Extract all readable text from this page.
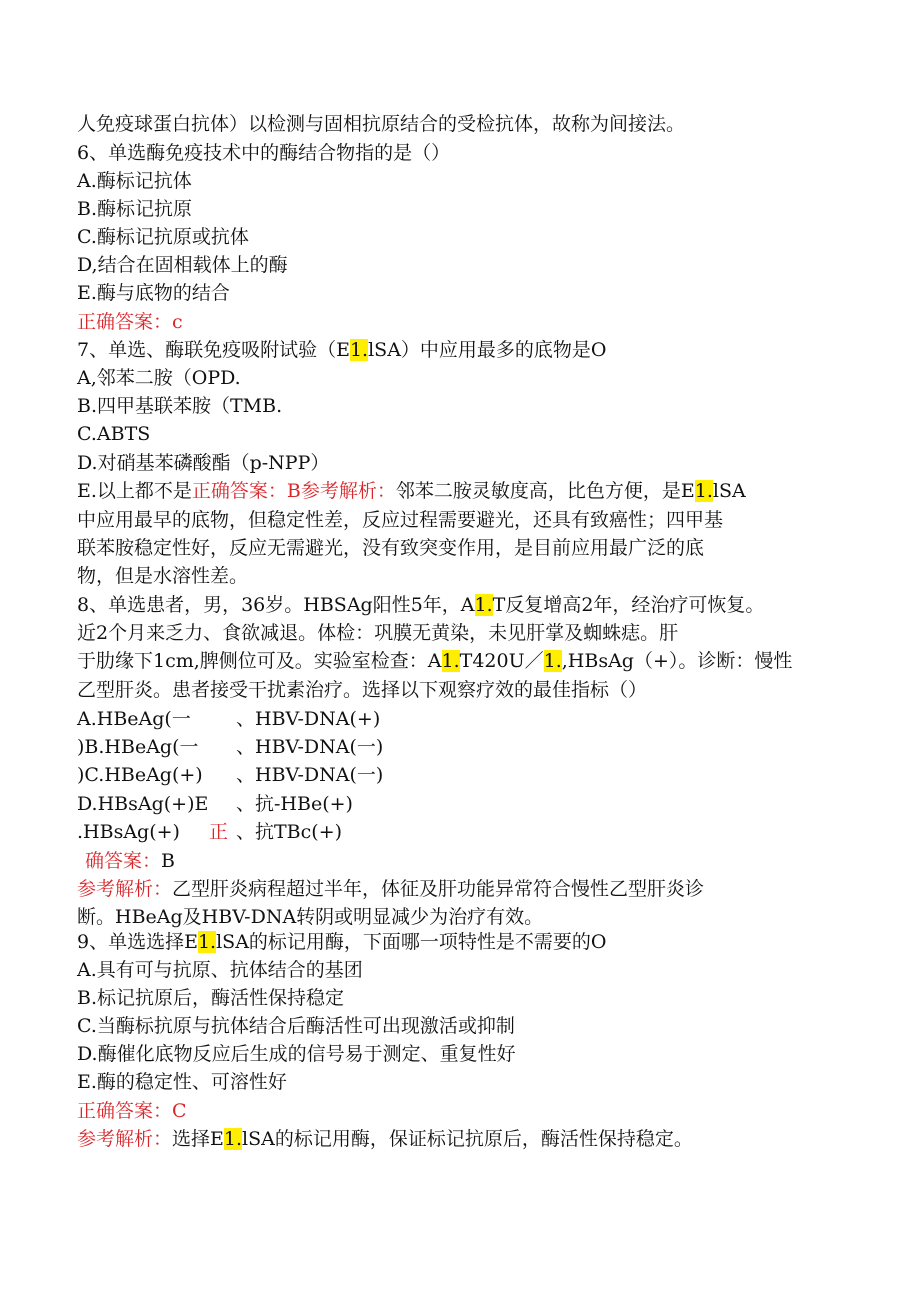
人免疫球蛋白抗体）以检测与固相抗原结合的受检抗体，故称为间接法。
6、单选酶免疫技术中的酶结合物指的是（）
A.酶标记抗体
B.酶标记抗原
C.酶标记抗原或抗体
D,结合在固相载体上的酶
E.酶与底物的结合
正确答案：c
7、单选、酶联免疫吸附试验（E1.lSA）中应用最多的底物是O
A,邻苯二胺（OPD.
B.四甲基联苯胺（TMB.
C.ABTS
D.对硝基苯磷酸酯（p-NPP）
E.以上都不是正确答案：B参考解析：邻苯二胺灵敏度高，比色方便，是E1.lSA
中应用最早的底物，但稳定性差，反应过程需要避光，还具有致癌性；四甲基
联苯胺稳定性好，反应无需避光，没有致突变作用，是目前应用最广泛的底
物，但是水溶性差。
8、单选患者，男，36岁。HBSAg阳性5年，A1.T反复增高2年，经治疗可恢复。
近2个月来乏力、食欲减退。体检：巩膜无黄染，未见肝掌及蜘蛛痣。肝
于肋缘下1cm,脾侧位可及。实验室检查：A1.T420U／1.,HBsAg（+）。诊断：慢性
乙型肝炎。患者接受干扰素治疗。选择以下观察疗效的最佳指标（）
A.HBeAg(一 、HBV-DNA(+)
)B.HBeAg(一 、HBV-DNA(一)
)C.HBeAg(+) 、HBV-DNA(一)
D.HBsAg(+)E 、抗-HBe(+)
.HBsAg(+) 正 、抗TBc(+)
确答案：B
参考解析：乙型肝炎病程超过半年，体征及肝功能异常符合慢性乙型肝炎诊
断。HBeAg及HBV-DNA转阴或明显减少为治疗有效。
9、单选选择E1.lSA的标记用酶，下面哪一项特性是不需要的O
A.具有可与抗原、抗体结合的基团
B.标记抗原后，酶活性保持稳定
C.当酶标抗原与抗体结合后酶活性可出现激活或抑制
D.酶催化底物反应后生成的信号易于测定、重复性好
E.酶的稳定性、可溶性好
正确答案：C
参考解析：选择E1.lSA的标记用酶，保证标记抗原后，酶活性保持稳定。
